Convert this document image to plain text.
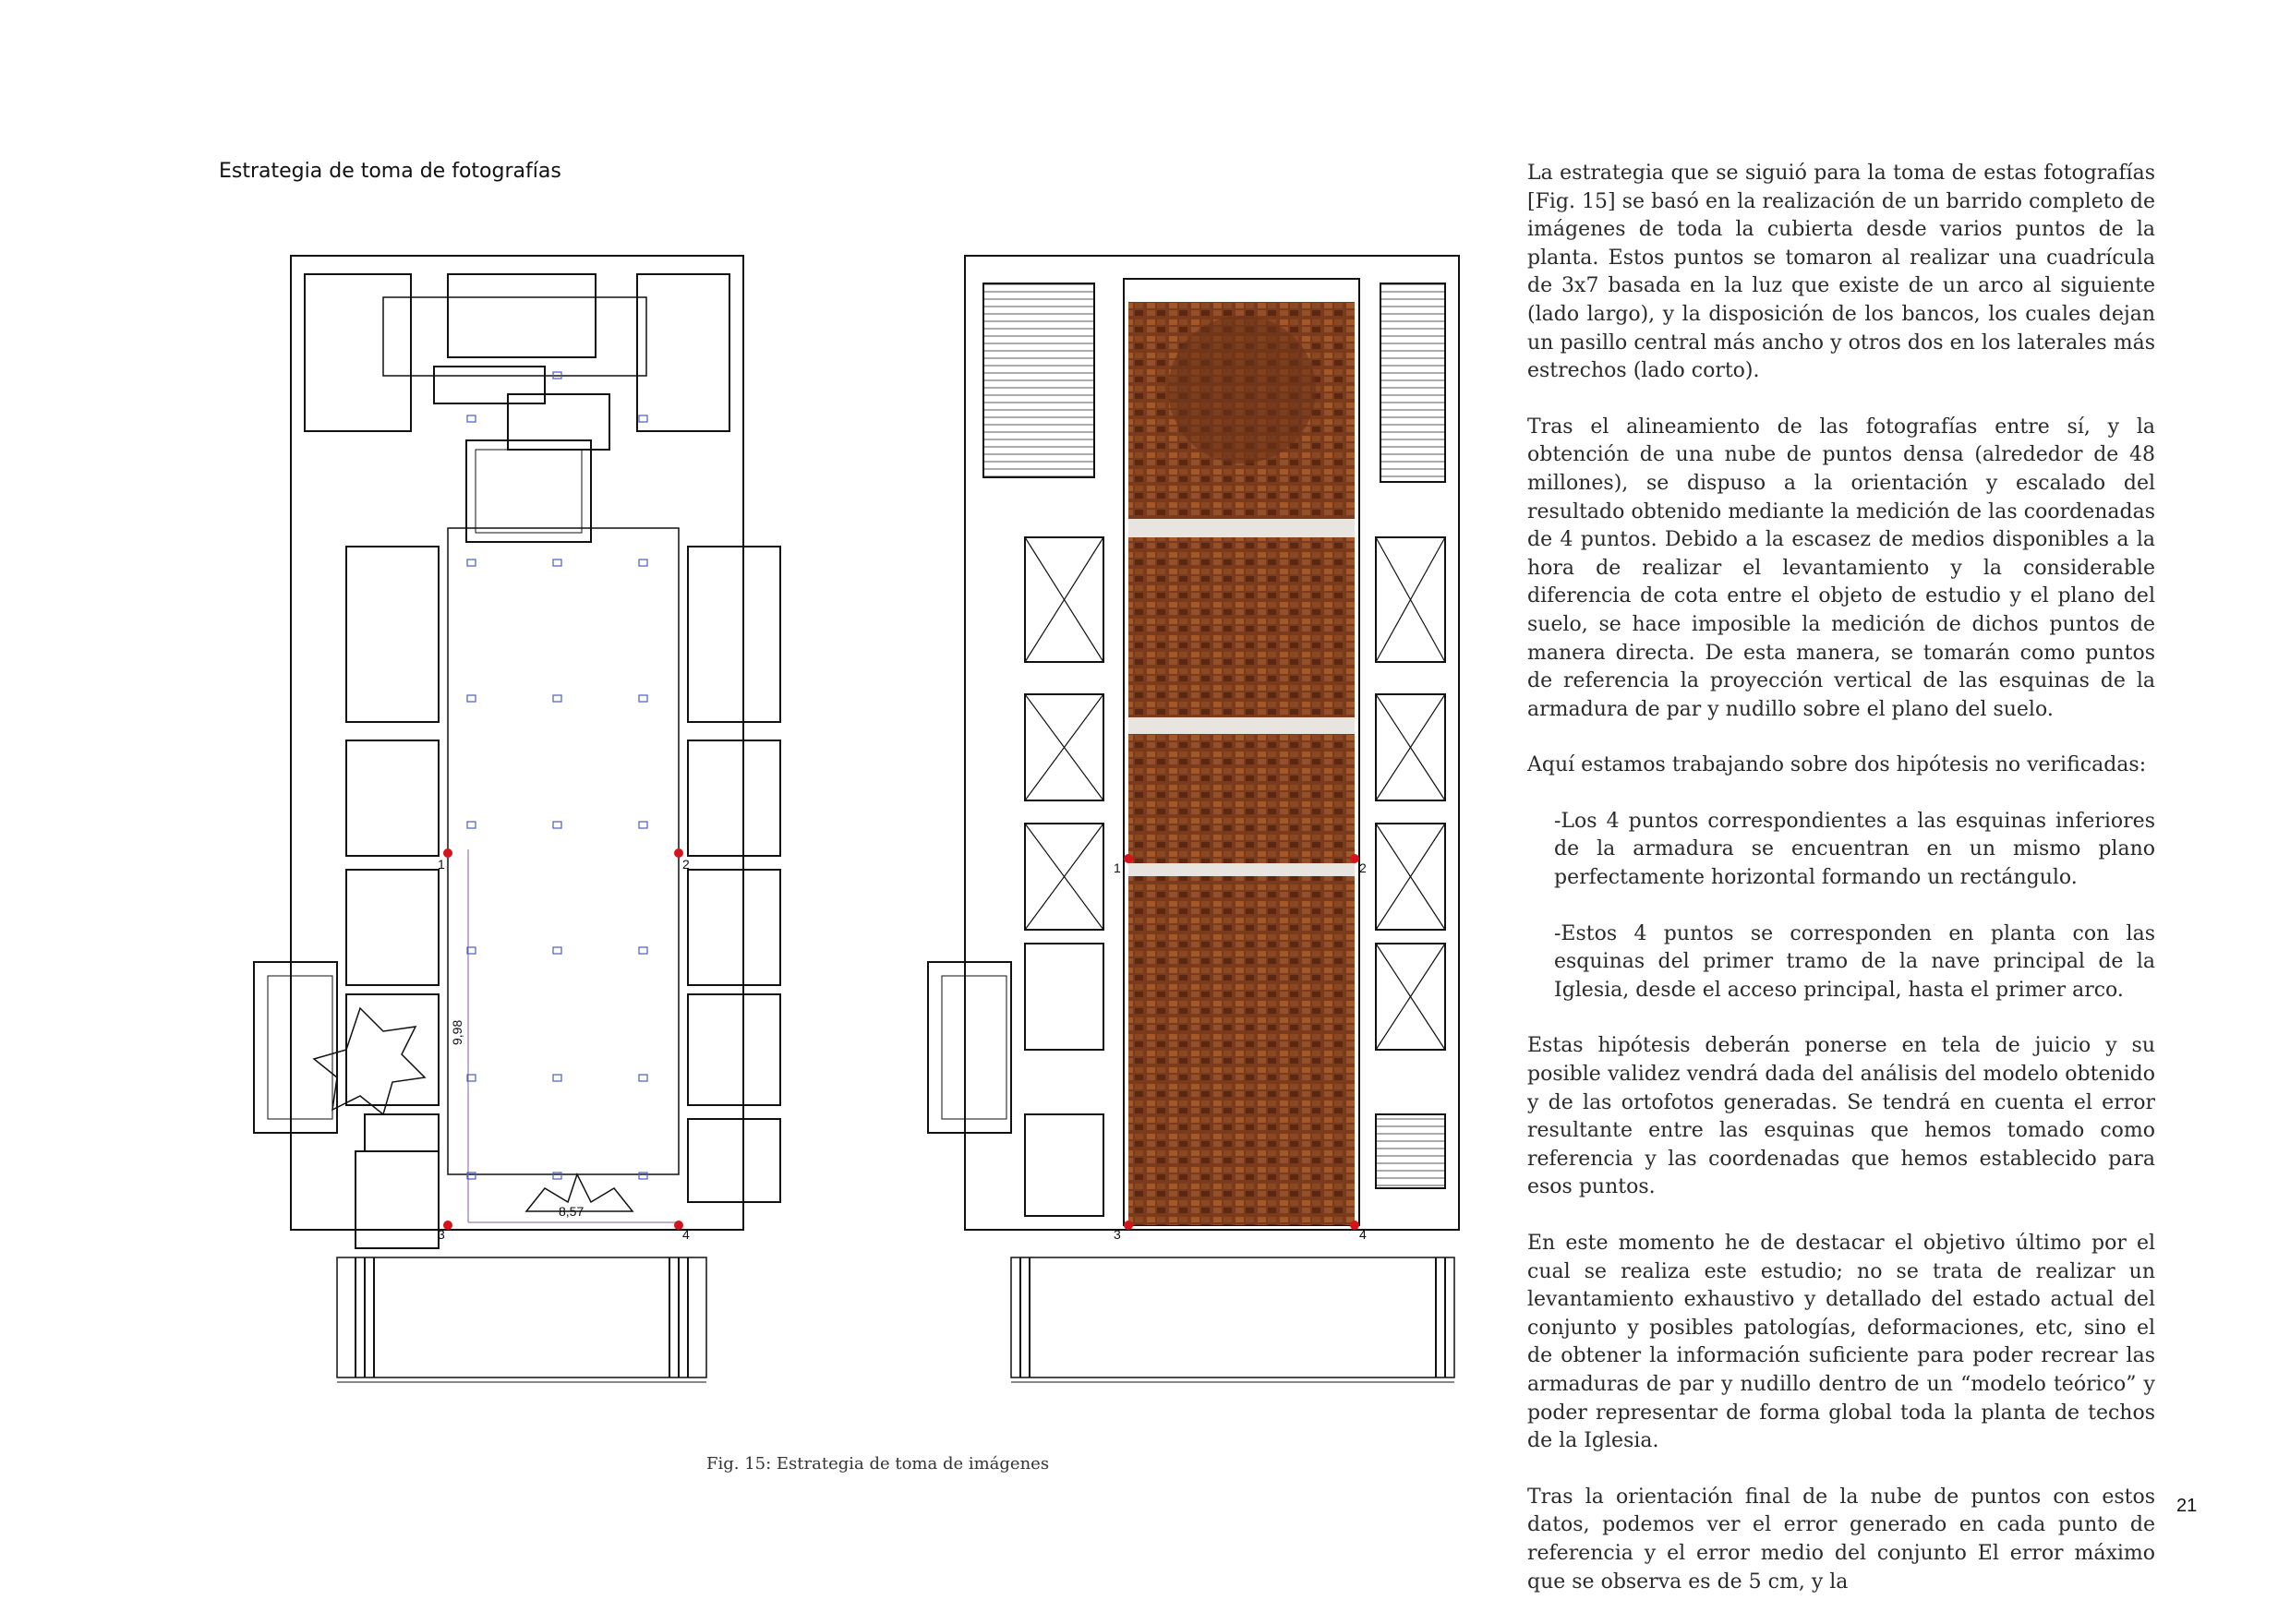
Estrategia de toma de fotografías
9,98
8,57
1	2
3	4
1	2
3	4
Fig. 15: Estrategia de toma de imágenes

La estrategia que se siguió para la toma de estas fotografías [Fig. 15] se basó en la realización de un barrido completo de imágenes de toda la cubierta desde varios puntos de la planta. Estos puntos se tomaron al realizar una cuadrícula de 3x7 basada en la luz que existe de un arco al siguiente (lado largo), y la disposición de los bancos, los cuales dejan un pasillo central más ancho y otros dos en los laterales más estrechos (lado corto).

Tras el alineamiento de las fotografías entre sí, y la obtención de una nube de puntos densa (alrededor de 48 millones), se dispuso a la orientación y escalado del resultado obtenido mediante la medición de las coordenadas de 4 puntos. Debido a la escasez de medios disponibles a la hora de realizar el levantamiento y la considerable diferencia de cota entre el objeto de estudio y el plano del suelo, se hace imposible la medición de dichos puntos de manera directa. De esta manera, se tomarán como puntos de referencia la proyección vertical de las esquinas de la armadura de par y nudillo sobre el plano del suelo.

Aquí estamos trabajando sobre dos hipótesis no verificadas:

-Los 4 puntos correspondientes a las esquinas inferiores de la armadura se encuentran en un mismo plano perfectamente horizontal formando un rectángulo.

-Estos 4 puntos se corresponden en planta con las esquinas del primer tramo de la nave principal de la Iglesia, desde el acceso principal, hasta el primer arco.

Estas hipótesis deberán ponerse en tela de juicio y su posible validez vendrá dada del análisis del modelo obtenido y de las ortofotos generadas. Se tendrá en cuenta el error resultante entre las esquinas que hemos tomado como referencia y las coordenadas que hemos establecido para esos puntos.

En este momento he de destacar el objetivo último por el cual se realiza este estudio; no se trata de realizar un levantamiento exhaustivo y detallado del estado actual del conjunto y posibles patologías, deformaciones, etc, sino el de obtener la información suficiente para poder recrear las armaduras de par y nudillo dentro de un “modelo teórico” y poder representar de forma global toda la planta de techos de la Iglesia.

Tras la orientación final de la nube de puntos con estos datos, podemos ver el error generado en cada punto de referencia y el error medio del conjunto El error máximo que se observa es de 5 cm, y la

21
